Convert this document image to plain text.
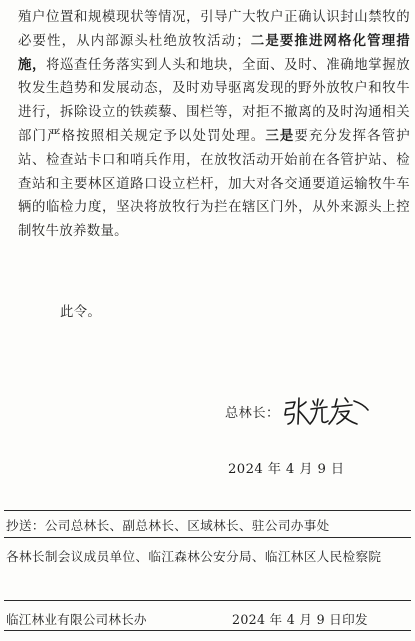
殖户位置和规模现状等情况，引导广大牧户正确认识封山禁牧的必要性，从内部源头杜绝放牧活动；二是要推进网格化管理措施，将巡查任务落实到人头和地块，全面、及时、准确地掌握放牧发生趋势和发展动态，及时劝导驱离发现的野外放牧户和牧牛进行，拆除设立的铁蒺藜、围栏等，对拒不撤离的及时沟通相关部门严格按照相关规定予以处罚处理。三是要充分发挥各管护站、检查站卡口和哨兵作用，在放牧活动开始前在各管护站、检查站和主要林区道路口设立栏杆，加大对各交通要道运输牧牛车辆的临检力度，坚决将放牧行为拦在辖区门外，从外来源头上控制牧牛放养数量。

此令。

总林长：
2024 年 4 月 9 日
抄送：公司总林长、副总林长、区域林长、驻公司办事处
各林长制会议成员单位、临江森林公安分局、临江林区人民检察院
临江林业有限公司林长办	2024 年 4 月 9 日印发
